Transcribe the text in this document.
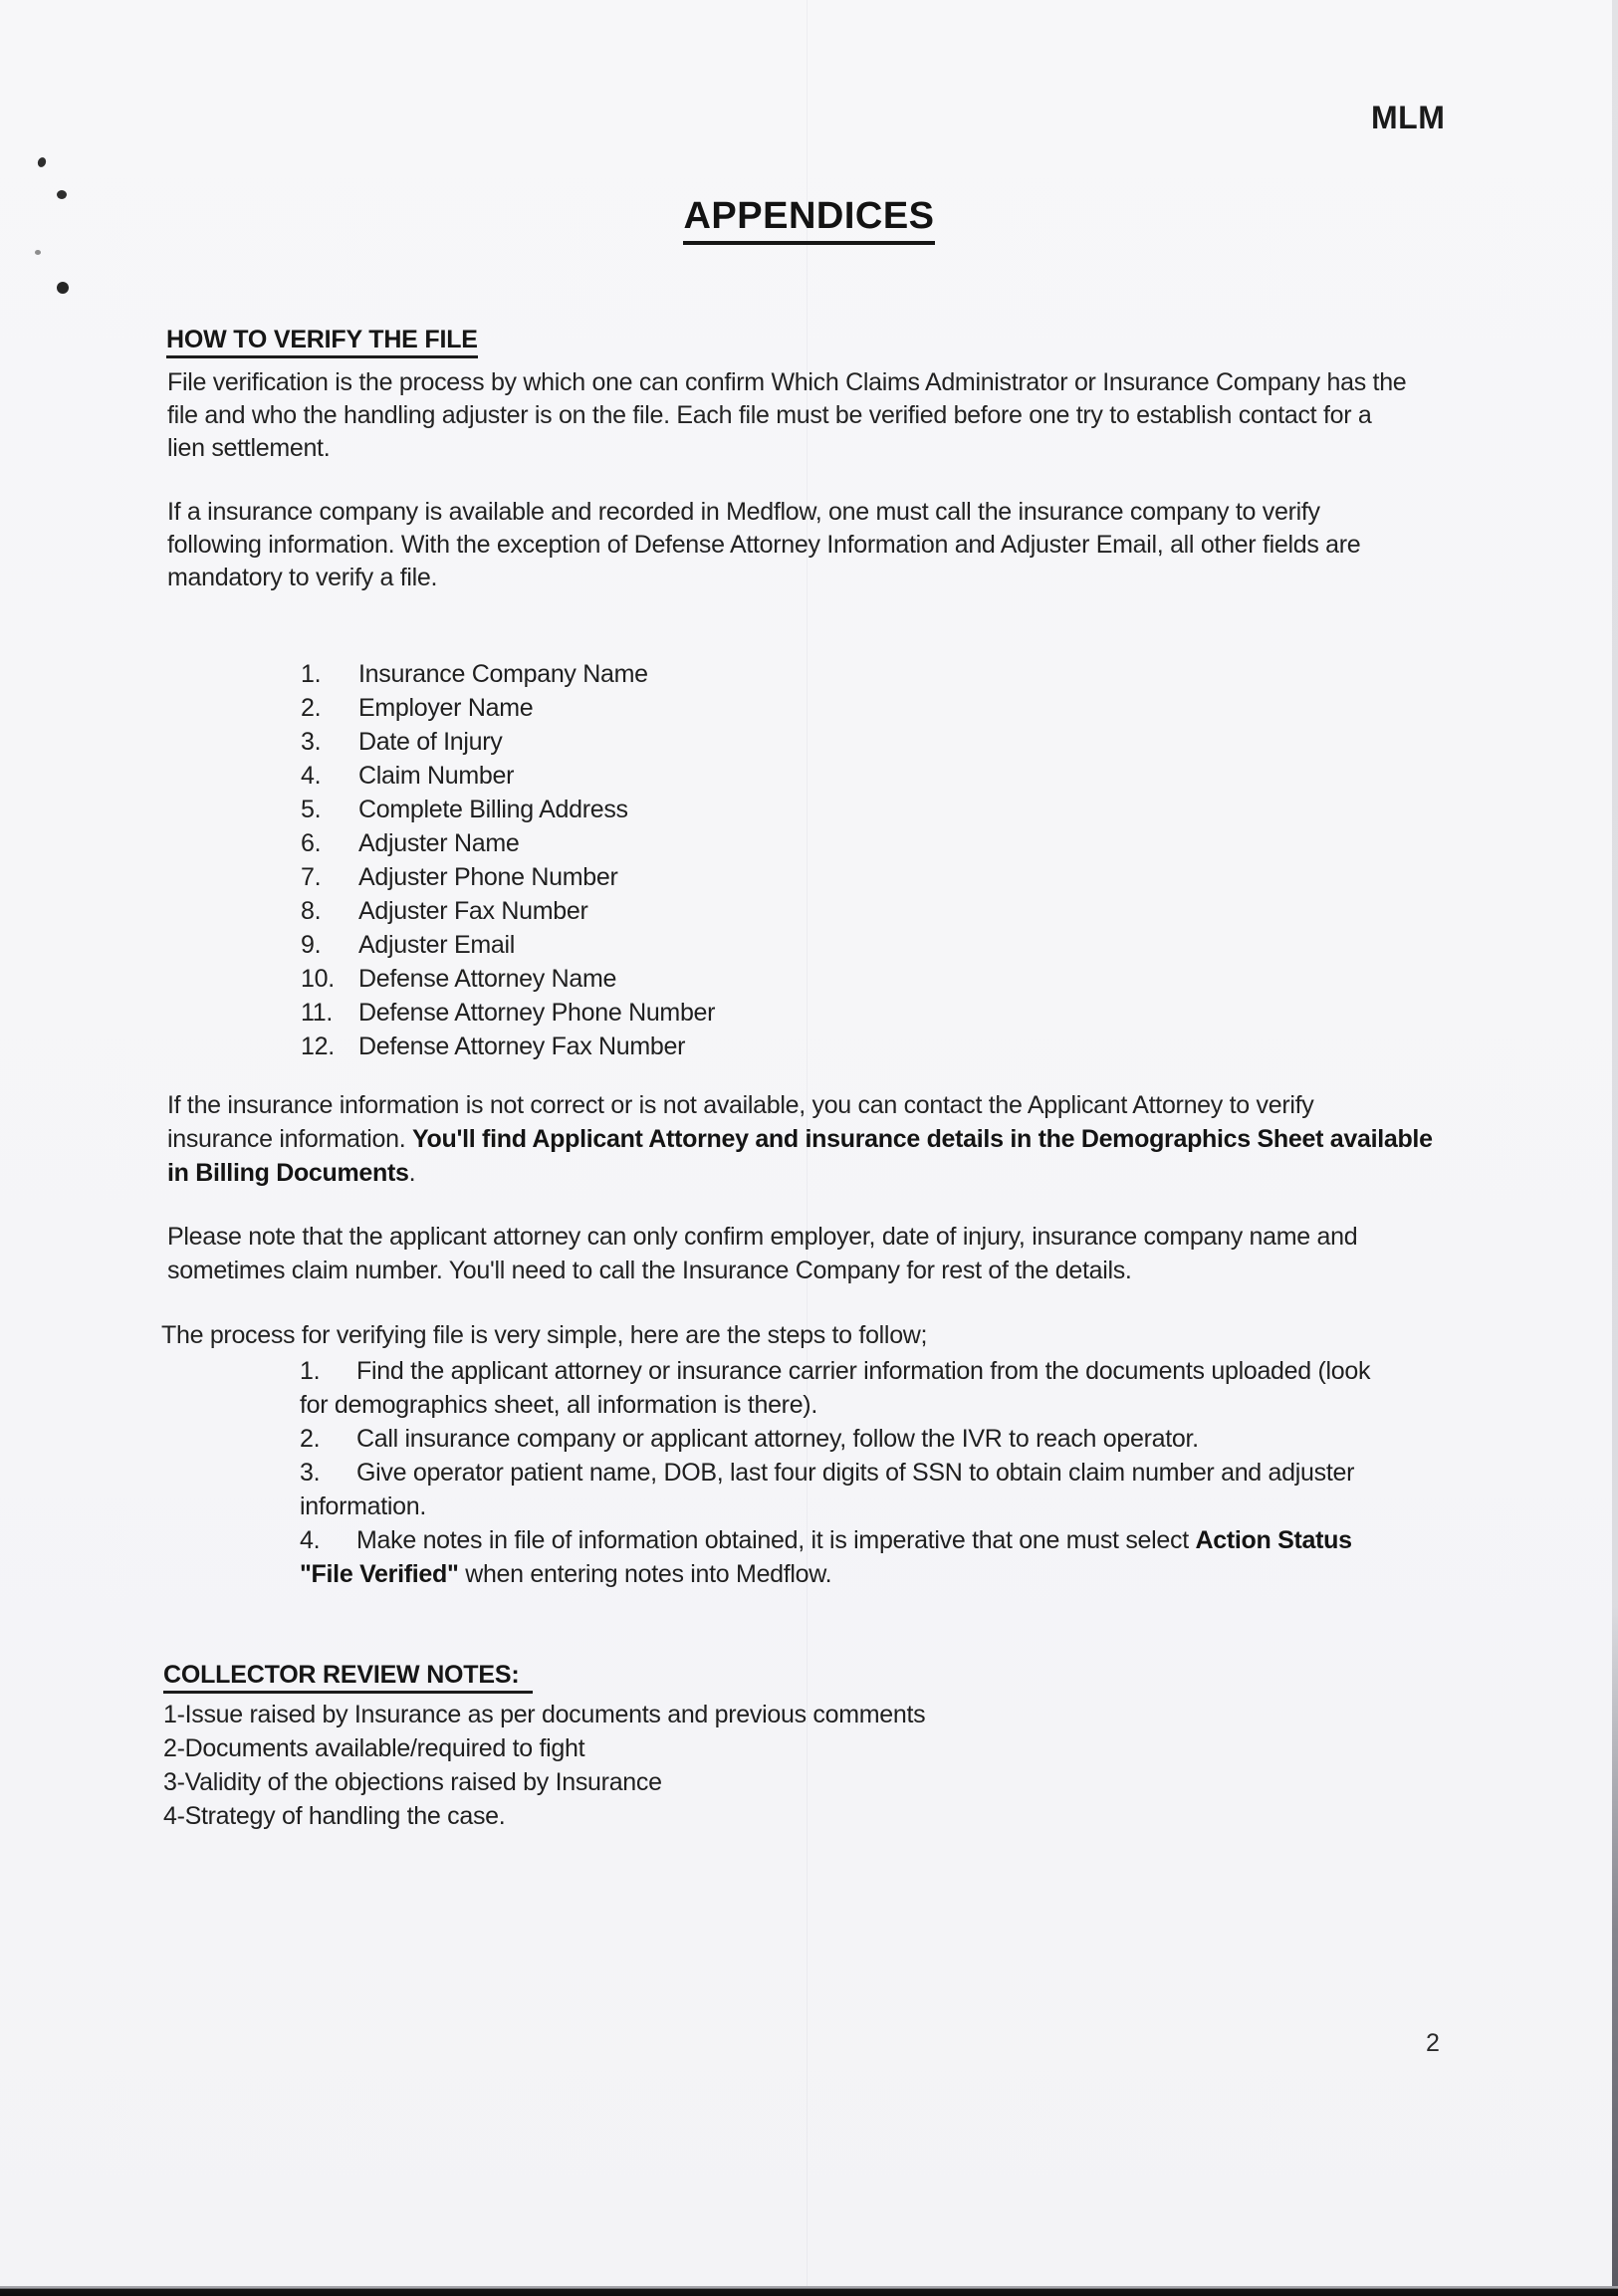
MLM
APPENDICES
HOW TO VERIFY THE FILE
File verification is the process by which one can confirm Which Claims Administrator or Insurance Company has the
file and who the handling adjuster is on the file. Each file must be verified before one try to establish contact for a
lien settlement.
If a insurance company is available and recorded in Medflow, one must call the insurance company to verify
following information. With the exception of Defense Attorney Information and Adjuster Email, all other fields are
mandatory to verify a file.
1. Insurance Company Name
2. Employer Name
3. Date of Injury
4. Claim Number
5. Complete Billing Address
6. Adjuster Name
7. Adjuster Phone Number
8. Adjuster Fax Number
9. Adjuster Email
10. Defense Attorney Name
11. Defense Attorney Phone Number
12. Defense Attorney Fax Number
If the insurance information is not correct or is not available, you can contact the Applicant Attorney to verify
insurance information. You'll find Applicant Attorney and insurance details in the Demographics Sheet available
in Billing Documents.
Please note that the applicant attorney can only confirm employer, date of injury, insurance company name and
sometimes claim number. You'll need to call the Insurance Company for rest of the details.
The process for verifying file is very simple, here are the steps to follow;
1. Find the applicant attorney or insurance carrier information from the documents uploaded (look
for demographics sheet, all information is there).
2. Call insurance company or applicant attorney, follow the IVR to reach operator.
3. Give operator patient name, DOB, last four digits of SSN to obtain claim number and adjuster
information.
4. Make notes in file of information obtained, it is imperative that one must select Action Status
"File Verified" when entering notes into Medflow.
COLLECTOR REVIEW NOTES:
1-Issue raised by Insurance as per documents and previous comments
2-Documents available/required to fight
3-Validity of the objections raised by Insurance
4-Strategy of handling the case.
2
